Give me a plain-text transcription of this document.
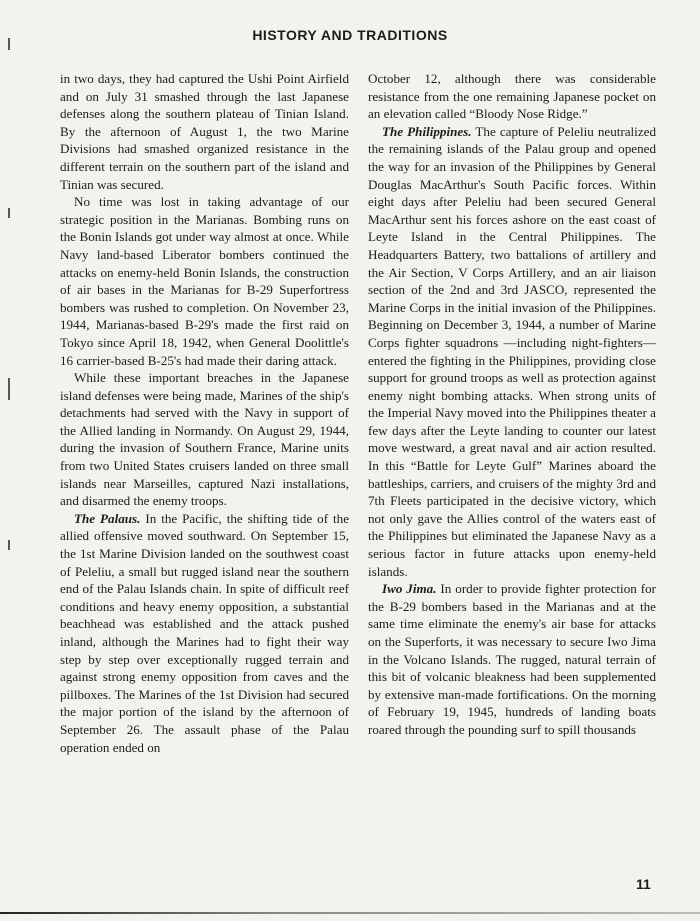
HISTORY AND TRADITIONS

in two days, they had captured the Ushi Point Airfield and on July 31 smashed through the last Japanese defenses along the southern plateau of Tinian Island. By the afternoon of August 1, the two Marine Divisions had smashed organized resistance in the different terrain on the southern part of the island and Tinian was secured.

No time was lost in taking advantage of our strategic position in the Marianas. Bombing runs on the Bonin Islands got under way almost at once. While Navy land-based Liberator bombers continued the attacks on enemy-held Bonin Islands, the construction of air bases in the Marianas for B-29 Superfortress bombers was rushed to completion. On November 23, 1944, Marianas-based B-29's made the first raid on Tokyo since April 18, 1942, when General Doolittle's 16 carrier-based B-25's had made their daring attack.

While these important breaches in the Japanese island defenses were being made, Marines of the ship's detachments had served with the Navy in support of the Allied landing in Normandy. On August 29, 1944, during the invasion of Southern France, Marine units from two United States cruisers landed on three small islands near Marseilles, captured Nazi installations, and disarmed the enemy troops.

The Palaus. In the Pacific, the shifting tide of the allied offensive moved southward. On September 15, the 1st Marine Division landed on the southwest coast of Peleliu, a small but rugged island near the southern end of the Palau Islands chain. In spite of difficult reef conditions and heavy enemy opposition, a substantial beachhead was established and the attack pushed inland, although the Marines had to fight their way step by step over exceptionally rugged terrain and against strong enemy opposition from caves and the pillboxes. The Marines of the 1st Division had secured the major portion of the island by the afternoon of September 26. The assault phase of the Palau operation ended on

October 12, although there was considerable resistance from the one remaining Japanese pocket on an elevation called “Bloody Nose Ridge.”

The Philippines. The capture of Peleliu neutralized the remaining islands of the Palau group and opened the way for an invasion of the Philippines by General Douglas MacArthur's South Pacific forces. Within eight days after Peleliu had been secured General MacArthur sent his forces ashore on the east coast of Leyte Island in the Central Philippines. The Headquarters Battery, two battalions of artillery and the Air Section, V Corps Artillery, and an air liaison section of the 2nd and 3rd JASCO, represented the Marine Corps in the initial invasion of the Philippines. Beginning on December 3, 1944, a number of Marine Corps fighter squadrons —including night-fighters—entered the fighting in the Philippines, providing close support for ground troops as well as protection against enemy night bombing attacks. When strong units of the Imperial Navy moved into the Philippines theater a few days after the Leyte landing to counter our latest move westward, a great naval and air action resulted. In this “Battle for Leyte Gulf” Marines aboard the battleships, carriers, and cruisers of the mighty 3rd and 7th Fleets participated in the decisive victory, which not only gave the Allies control of the waters east of the Philippines but eliminated the Japanese Navy as a serious factor in future attacks upon enemy-held islands.

Iwo Jima. In order to provide fighter protection for the B-29 bombers based in the Marianas and at the same time eliminate the enemy's air base for attacks on the Superforts, it was necessary to secure Iwo Jima in the Volcano Islands. The rugged, natural terrain of this bit of volcanic bleakness had been supplemented by extensive man-made fortifications. On the morning of February 19, 1945, hundreds of landing boats roared through the pounding surf to spill thousands

11
